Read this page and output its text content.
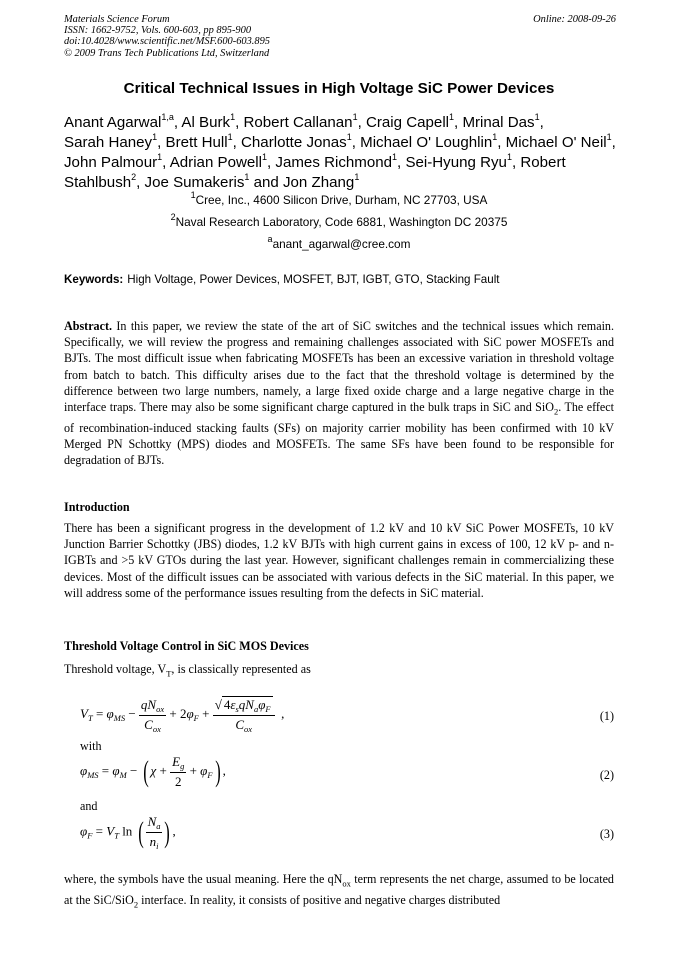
Materials Science Forum
ISSN: 1662-9752, Vols. 600-603, pp 895-900
doi:10.4028/www.scientific.net/MSF.600-603.895
© 2009 Trans Tech Publications Ltd, Switzerland
Online: 2008-09-26
Critical Technical Issues in High Voltage SiC Power Devices
Anant Agarwal$^{1,a}$, Al Burk$^1$, Robert Callanan$^1$, Craig Capell$^1$, Mrinal Das$^1$,
Sarah Haney$^1$, Brett Hull$^1$, Charlotte Jonas$^1$, Michael O' Loughlin$^1$, Michael O' Neil$^1$, John Palmour$^1$, Adrian Powell$^1$, James Richmond$^1$, Sei-Hyung Ryu$^1$, Robert Stahlbush$^2$, Joe Sumakeris$^1$ and Jon Zhang$^1$
$^1$Cree, Inc., 4600 Silicon Drive, Durham, NC 27703, USA
$^2$Naval Research Laboratory, Code 6881, Washington DC 20375
$^a$anant_agarwal@cree.com
Keywords: High Voltage, Power Devices, MOSFET, BJT, IGBT, GTO, Stacking Fault
Abstract. In this paper, we review the state of the art of SiC switches and the technical issues which remain. Specifically, we will review the progress and remaining challenges associated with SiC power MOSFETs and BJTs. The most difficult issue when fabricating MOSFETs has been an excessive variation in threshold voltage from batch to batch. This difficulty arises due to the fact that the threshold voltage is determined by the difference between two large numbers, namely, a large fixed oxide charge and a large negative charge in the interface traps. There may also be some significant charge captured in the bulk traps in SiC and SiO$_2$. The effect of recombination-induced stacking faults (SFs) on majority carrier mobility has been confirmed with 10 kV Merged PN Schottky (MPS) diodes and MOSFETs. The same SFs have been found to be responsible for degradation of BJTs.
Introduction
There has been a significant progress in the development of 1.2 kV and 10 kV SiC Power MOSFETs, 10 kV Junction Barrier Schottky (JBS) diodes, 1.2 kV BJTs with high current gains in excess of 100, 12 kV p- and n- IGBTs and >5 kV GTOs during the last year. However, significant challenges remain in commercializing these devices. Most of the difficult issues can be associated with various defects in the SiC material. In this paper, we will address some of the performance issues resulting from the defects in SiC material.
Threshold Voltage Control in SiC MOS Devices
Threshold voltage, $V_T$, is classically represented as
$V_T = \varphi_{MS} - \frac{qN_{ox}}{C_{ox}} + 2\varphi_F + \frac{√ 4\varepsilon_sqN_a\varphi_F}{C_{ox}}$ ,	(1)
with
$\varphi_{MS} = \varphi_M$ − ( $\chi + \frac{E_g}{2} + \varphi_F$) ,	(2)
and
$\varphi_F = V_T$ ln ( $\frac{N_a}{n_i}$ ) ,	(3)
where, the symbols have the usual meaning. Here the $qN_{ox}$ term represents the net charge, assumed to be located at the SiC/SiO$_2$ interface. In reality, it consists of positive and negative charges distributed
